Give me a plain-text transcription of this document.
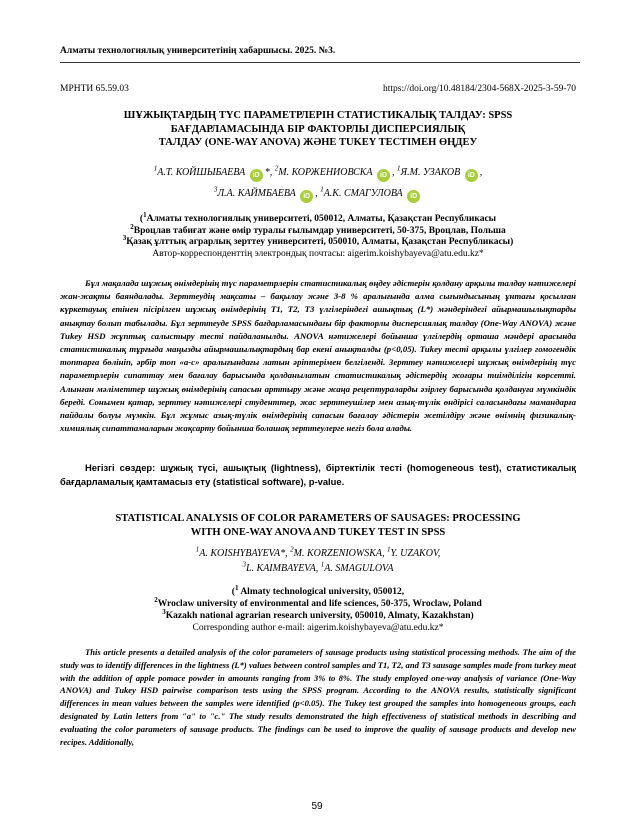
Алматы технологиялық университетінің хабаршысы. 2025. №3.
МРНТИ 65.59.03	https://doi.org/10.48184/2304-568X-2025-3-59-70
ШҰЖЫҚТАРДЫҢ ТҮС ПАРАМЕТРЛЕРІН СТАТИСТИКАЛЫҚ ТАЛДАУ: SPSS
БАҒДАРЛАМАСЫНДА БІР ФАКТОРЛЫ ДИСПЕРСИЯЛЫҚ
ТАЛДАУ (ONE-WAY ANOVA) ЖӘНЕ TUKEY ТЕСТІМЕН ӨҢДЕУ
$^1$А.Т. КОЙШЫБАЕВА iD *, $^2$М. КОРЖЕНИОВСКА iD , $^1$Я.М. УЗАКОВ iD ,
$^3$Л.А. КАЙМБАЕВА iD , $^1$А.К. СМАГУЛОВА iD
($^1$Алматы технологиялық университеті, 050012, Алматы, Қазақстан Республикасы
$^2$Вроцлав табиғат және өмір туралы ғылымдар университеті, 50-375, Вроцлав, Польша
$^3$Қазақ ұлттық аграрлық зерттеу университеті, 050010, Алматы, Қазақстан Республикасы)
Автор-корреспонденттің электрондық почтасы: aigerim.koishybayeva@atu.edu.kz*

Бұл мақалада шұжық өнімдерінің түс параметрлерін статистикалық өңдеу әдістерін қолдану арқылы талдау нәтижелері жан-жақты баяндалады. Зерттеудің мақсаты – бақылау және 3-8 % аралығында алма сығындысының ұнтағы қосылған күркетауық етінен пісірілген шұжық өнімдерінің Т1, Т2, Т3 үлгілеріндегі ашықтық (L*) мәндеріндегі айырмашылықтарды анықтау болып табылады. Бұл зерттеуде SPSS бағдарламасындағы бір факторлы дисперсиялық талдау (One-Way ANOVA) және Tukey HSD жұптық салыстыру тесті пайдаланылды. ANOVA нәтижелері бойынша үлгілердің орташа мәндері арасында статистикалық тұрғыда маңызды айырмашылықтардың бар екені анықталды (p<0,05). Tukey тесті арқылы үлгілер гомогендік топтарға бөлініп, әрбір топ «a-c» аралығындағы латын әріптерімен белгіленді. Зерттеу нәтижелері шұжық өнімдерінің түс параметрлерін сипаттау мен бағалау барысында қолданылатын статистикалық әдістердің жоғары тиімділігін көрсетті. Алынған мәліметтер шұжық өнімдерінің сапасын арттыру және жаңа рецептураларды әзірлеу барысында қолдануға мүмкіндік береді. Сонымен қатар, зерттеу нәтижелері студенттер, жас зерттеушілер мен азық-түлік өндірісі саласындағы мамандарға пайдалы болуы мүмкін. Бұл жұмыс азық-түлік өнімдерінің сапасын бағалау әдістерін жетілдіру және өнімнің физикалық-химиялық сипаттамаларын жақсарту бойынша болашақ зерттеулерге негіз бола алады.

Негізгі сөздер: шұжық түсі, ашықтық (lightness), біртектілік тесті (homogeneous test), статистикалық бағдарламалық қамтамасыз ету (statistical software), p-value.

STATISTICAL ANALYSIS OF COLOR PARAMETERS OF SAUSAGES: PROCESSING
WITH ONE-WAY ANOVA AND TUKEY TEST IN SPSS
$^1$A. KOISHYBAYEVA*, $^2$M. KORZENIOWSKA, $^1$Y. UZAKOV,
$^3$L. KAIMBAYEVA, $^1$A. SMAGULOVA
($^1$ Almaty technological university, 050012,
$^2$Wroclaw university of environmental and life sciences, 50-375, Wroclaw, Poland
$^3$Kazakh national agrarian research university, 050010, Almaty, Kazakhstan)
Corresponding author e-mail: aigerim.koishybayeva@atu.edu.kz*

This article presents a detailed analysis of the color parameters of sausage products using statistical processing methods. The aim of the study was to identify differences in the lightness (L*) values between control samples and T1, T2, and T3 sausage samples made from turkey meat with the addition of apple pomace powder in amounts ranging from 3% to 8%. The study employed one-way analysis of variance (One-Way ANOVA) and Tukey HSD pairwise comparison tests using the SPSS program. According to the ANOVA results, statistically significant differences in mean values between the samples were identified (p<0.05). The Tukey test grouped the samples into homogeneous groups, each designated by Latin letters from "a" to "c." The study results demonstrated the high effectiveness of statistical methods in describing and evaluating the color parameters of sausage products. The findings can be used to improve the quality of sausage products and develop new recipes. Additionally,

59
